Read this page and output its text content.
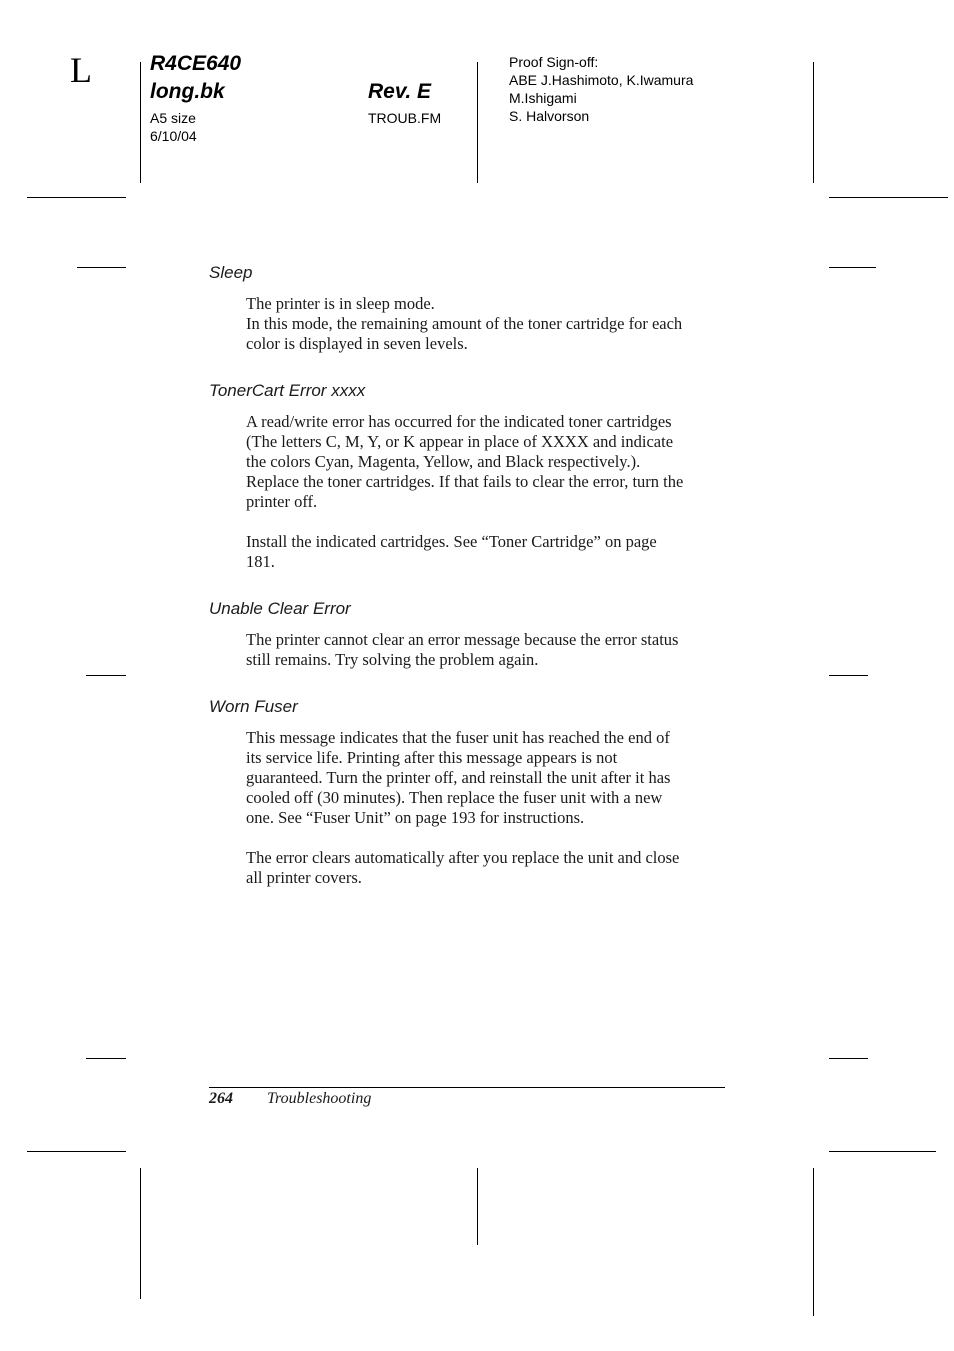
L	R4CE640
long.bk	Rev. E
A5 size
6/10/04
TROUB.FM
Proof Sign-off:
ABE J.Hashimoto, K.Iwamura
M.Ishigami
S. Halvorson
Sleep
The printer is in sleep mode.
In this mode, the remaining amount of the toner cartridge for each
color is displayed in seven levels.
TonerCart Error xxxx
A read/write error has occurred for the indicated toner cartridges
(The letters C, M, Y, or K appear in place of XXXX and indicate
the colors Cyan, Magenta, Yellow, and Black respectively.).
Replace the toner cartridges. If that fails to clear the error, turn the
printer off.
Install the indicated cartridges. See “Toner Cartridge” on page
181.
Unable Clear Error
The printer cannot clear an error message because the error status
still remains. Try solving the problem again.
Worn Fuser
This message indicates that the fuser unit has reached the end of
its service life. Printing after this message appears is not
guaranteed. Turn the printer off, and reinstall the unit after it has
cooled off (30 minutes). Then replace the fuser unit with a new
one. See “Fuser Unit” on page 193 for instructions.
The error clears automatically after you replace the unit and close
all printer covers.
264 Troubleshooting
